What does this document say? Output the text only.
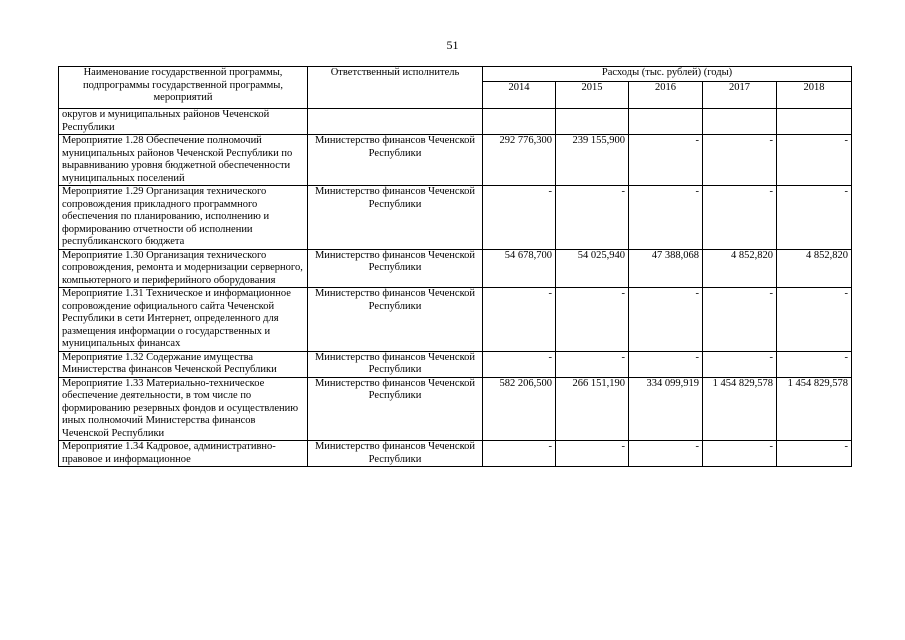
51
Наименование государственной программы, подпрограммы государственной программы, мероприятий	Ответственный исполнитель	Расходы (тыс. рублей) (годы)				
		2014	2015	2016	2017	2018
округов и муниципальных районов Чеченской Республики						
Мероприятие 1.28 Обеспечение полномочий муниципальных районов Чеченской Республики по выравниванию уровня бюджетной обеспеченности муниципальных поселений	Министерство финансов Чеченской Республики	292 776,300	239 155,900	-	-	-
Мероприятие 1.29 Организация технического сопровождения прикладного программного обеспечения по планированию, исполнению и формированию отчетности об исполнении республиканского бюджета	Министерство финансов Чеченской Республики	-	-	-	-	-
Мероприятие 1.30 Организация технического сопровождения, ремонта и модернизации серверного, компьютерного и периферийного оборудования	Министерство финансов Чеченской Республики	54 678,700	54 025,940	47 388,068	4 852,820	4 852,820
Мероприятие 1.31 Техническое и информационное сопровождение официального сайта Чеченской Республики в сети Интернет, определенного для размещения информации о государственных и муниципальных финансах	Министерство финансов Чеченской Республики	-	-	-	-	-
Мероприятие 1.32 Содержание имущества Министерства финансов Чеченской Республики	Министерство финансов Чеченской Республики	-	-	-	-	-
Мероприятие 1.33 Материально-техническое обеспечение деятельности, в том числе по формированию резервных фондов и осуществлению иных полномочий Министерства финансов Чеченской Республики	Министерство финансов Чеченской Республики	582 206,500	266 151,190	334 099,919	1 454 829,578	1 454 829,578
Мероприятие 1.34 Кадровое, административно-правовое и информационное	Министерство финансов Чеченской Республики	-	-	-	-	-
